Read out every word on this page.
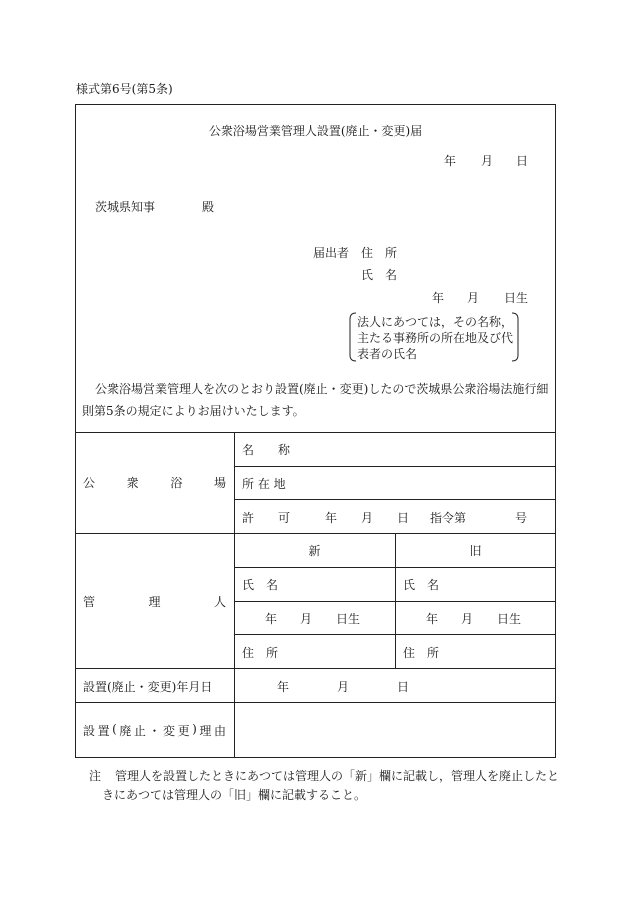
様式第6号(第5条)
公衆浴場営業管理人設置(廃止・変更)届
年 月 日
茨城県知事	殿
届出者 住　所
氏　名
年 月 日生
法人にあつては，その名称，
主たる事務所の所在地及び代
表者の氏名
公衆浴場営業管理人を次のとおり設置(廃止・変更)したので茨城県公衆浴場法施行細
則第5条の規定によりお届けいたします。
公	衆	浴	場
名 称
所 在 地
許　　可	年 月 日 指令第	号
管	理	人
新	旧
氏　名	氏　名
年 月 日生	年 月 日生
住　所	住　所
設置(廃止・変更)年月日	年	月	日
設 置 ( 廃 止 ・ 変 更 ) 理 由
注 管理人を設置したときにあつては管理人の「新」欄に記載し，管理人を廃止したと
きにあつては管理人の「旧」欄に記載すること。
